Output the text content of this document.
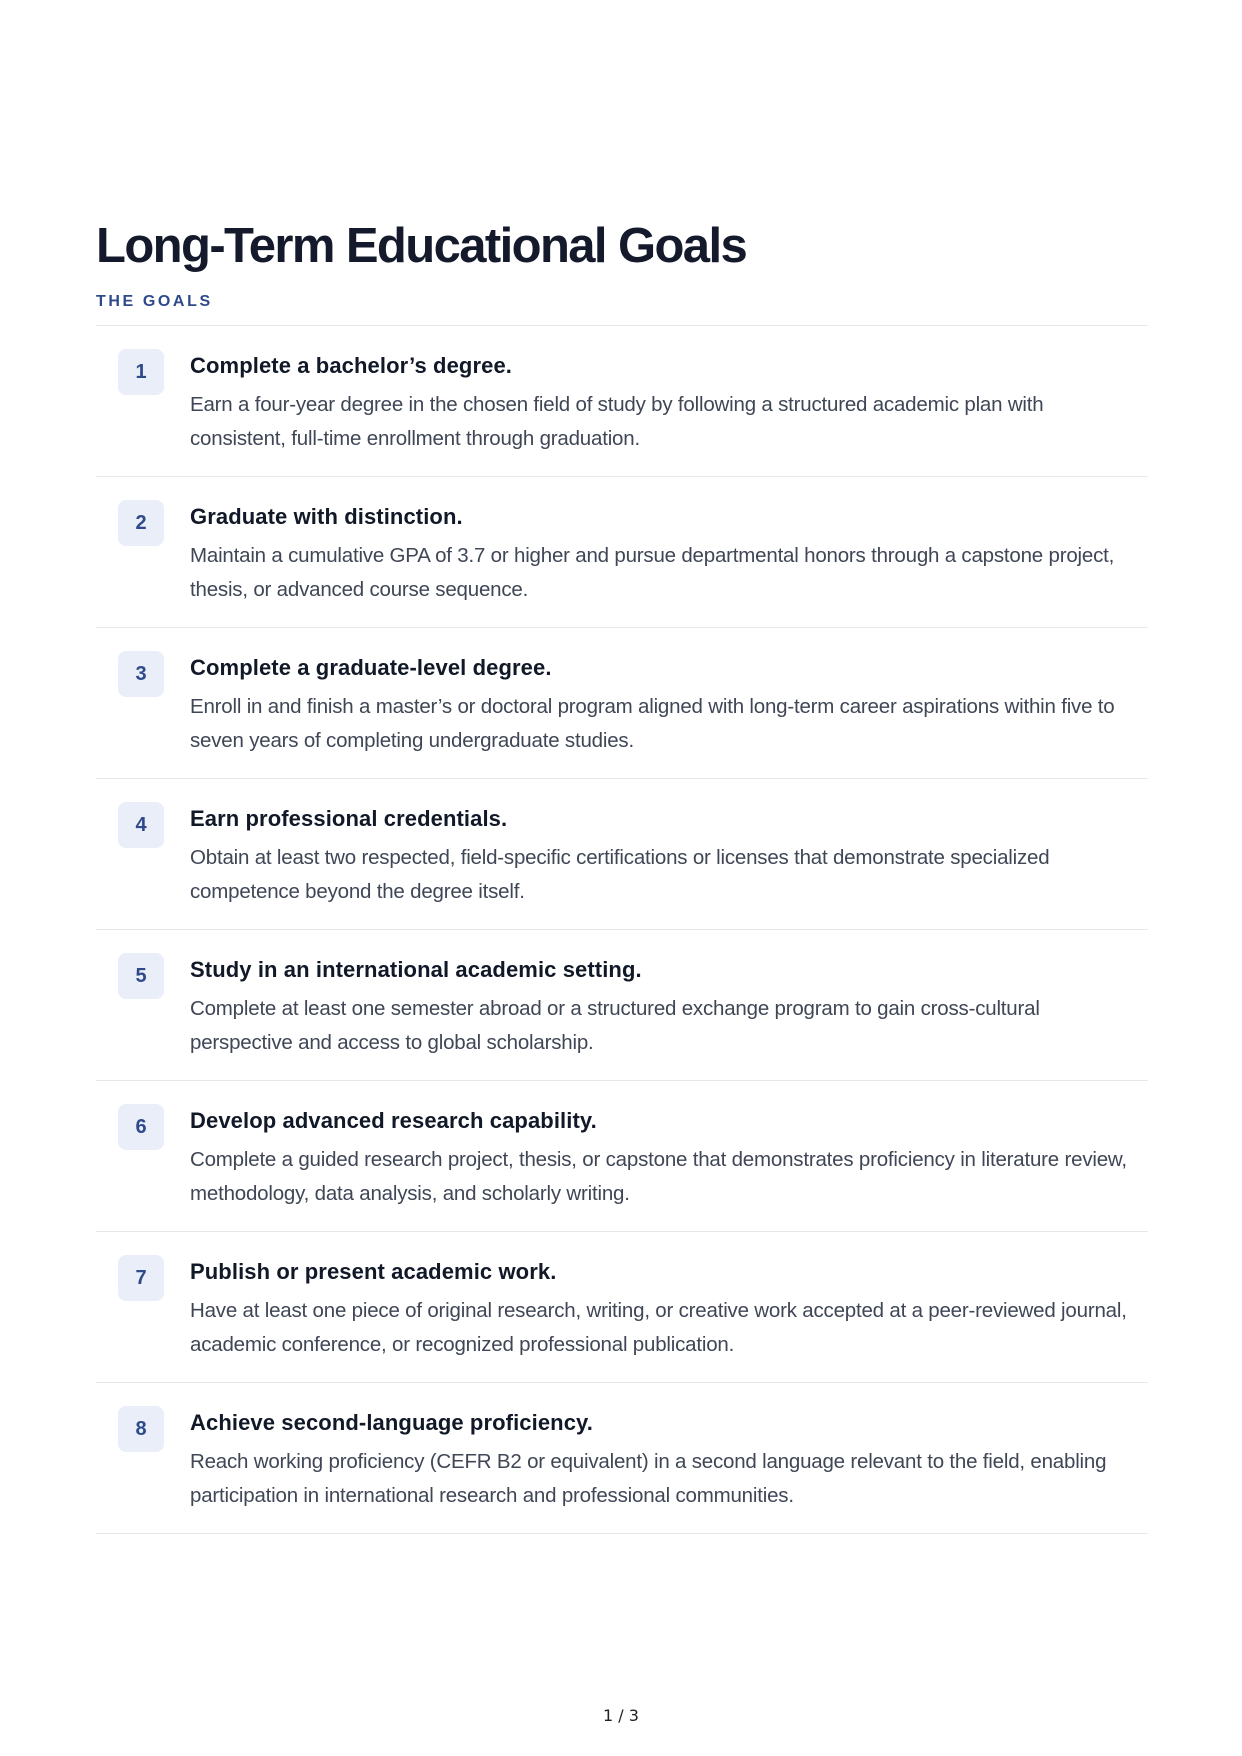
Long-Term Educational Goals
THE GOALS
1	Complete a bachelor’s degree.
Earn a four-year degree in the chosen field of study by following a structured academic plan with consistent, full-time enrollment through graduation.
2	Graduate with distinction.
Maintain a cumulative GPA of 3.7 or higher and pursue departmental honors through a capstone project, thesis, or advanced course sequence.
3	Complete a graduate-level degree.
Enroll in and finish a master’s or doctoral program aligned with long-term career aspirations within five to seven years of completing undergraduate studies.
4	Earn professional credentials.
Obtain at least two respected, field-specific certifications or licenses that demonstrate specialized competence beyond the degree itself.
5	Study in an international academic setting.
Complete at least one semester abroad or a structured exchange program to gain cross-cultural perspective and access to global scholarship.
6	Develop advanced research capability.
Complete a guided research project, thesis, or capstone that demonstrates proficiency in literature review, methodology, data analysis, and scholarly writing.
7	Publish or present academic work.
Have at least one piece of original research, writing, or creative work accepted at a peer-reviewed journal, academic conference, or recognized professional publication.
8	Achieve second-language proficiency.
Reach working proficiency (CEFR B2 or equivalent) in a second language relevant to the field, enabling participation in international research and professional communities.
1 / 3
